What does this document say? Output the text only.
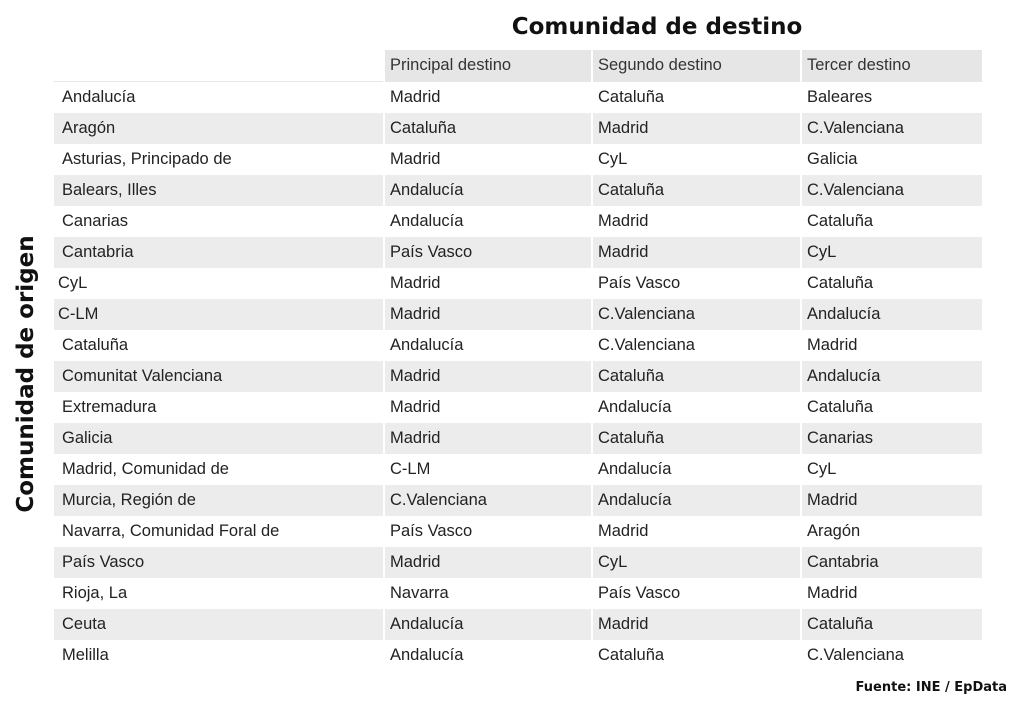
Comunidad de destino
Comunidad de origen
	Principal destino	Segundo destino	Tercer destino
Andalucía	Madrid	Cataluña	Baleares
Aragón	Cataluña	Madrid	C.Valenciana
Asturias, Principado de	Madrid	CyL	Galicia
Balears, Illes	Andalucía	Cataluña	C.Valenciana
Canarias	Andalucía	Madrid	Cataluña
Cantabria	País Vasco	Madrid	CyL
CyL	Madrid	País Vasco	Cataluña
C-LM	Madrid	C.Valenciana	Andalucía
Cataluña	Andalucía	C.Valenciana	Madrid
Comunitat Valenciana	Madrid	Cataluña	Andalucía
Extremadura	Madrid	Andalucía	Cataluña
Galicia	Madrid	Cataluña	Canarias
Madrid, Comunidad de	C-LM	Andalucía	CyL
Murcia, Región de	C.Valenciana	Andalucía	Madrid
Navarra, Comunidad Foral de	País Vasco	Madrid	Aragón
País Vasco	Madrid	CyL	Cantabria
Rioja, La	Navarra	País Vasco	Madrid
Ceuta	Andalucía	Madrid	Cataluña
Melilla	Andalucía	Cataluña	C.Valenciana
Fuente: INE / EpData
